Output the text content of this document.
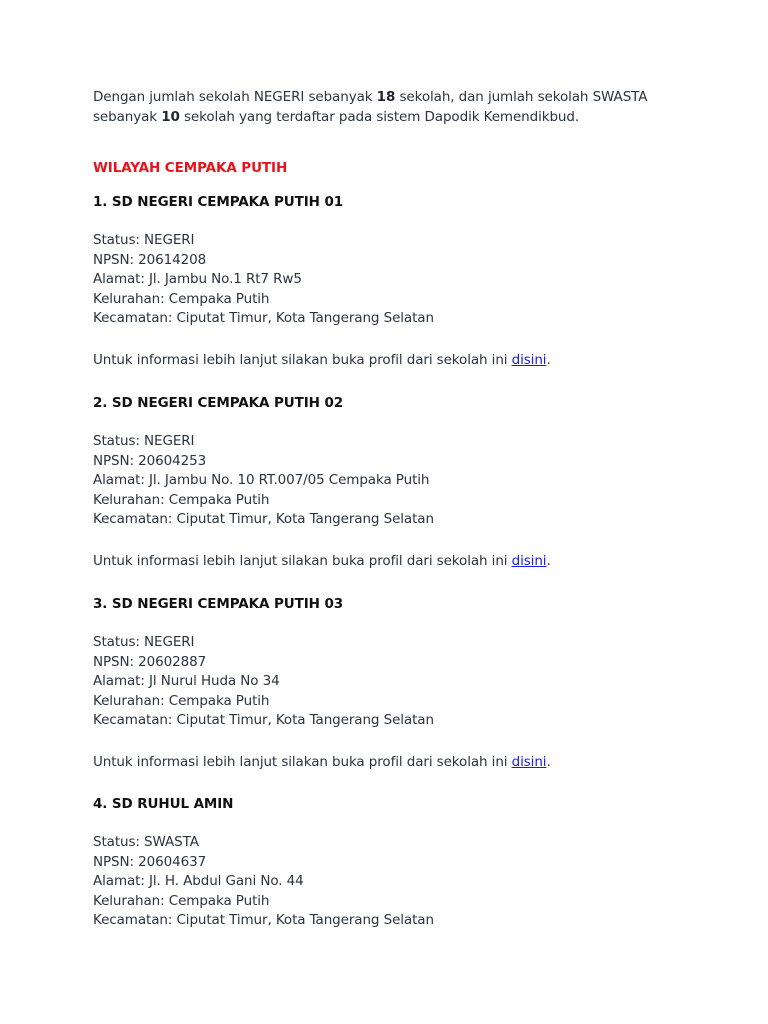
Dengan jumlah sekolah NEGERI sebanyak 18 sekolah, dan jumlah sekolah SWASTA
sebanyak 10 sekolah yang terdaftar pada sistem Dapodik Kemendikbud.

WILAYAH CEMPAKA PUTIH

1. SD NEGERI CEMPAKA PUTIH 01

Status: NEGERI
NPSN: 20614208
Alamat: Jl. Jambu No.1 Rt7 Rw5
Kelurahan: Cempaka Putih
Kecamatan: Ciputat Timur, Kota Tangerang Selatan

Untuk informasi lebih lanjut silakan buka profil dari sekolah ini disini.

2. SD NEGERI CEMPAKA PUTIH 02

Status: NEGERI
NPSN: 20604253
Alamat: Jl. Jambu No. 10 RT.007/05 Cempaka Putih
Kelurahan: Cempaka Putih
Kecamatan: Ciputat Timur, Kota Tangerang Selatan

Untuk informasi lebih lanjut silakan buka profil dari sekolah ini disini.

3. SD NEGERI CEMPAKA PUTIH 03

Status: NEGERI
NPSN: 20602887
Alamat: Jl Nurul Huda No 34
Kelurahan: Cempaka Putih
Kecamatan: Ciputat Timur, Kota Tangerang Selatan

Untuk informasi lebih lanjut silakan buka profil dari sekolah ini disini.

4. SD RUHUL AMIN

Status: SWASTA
NPSN: 20604637
Alamat: Jl. H. Abdul Gani No. 44
Kelurahan: Cempaka Putih
Kecamatan: Ciputat Timur, Kota Tangerang Selatan
